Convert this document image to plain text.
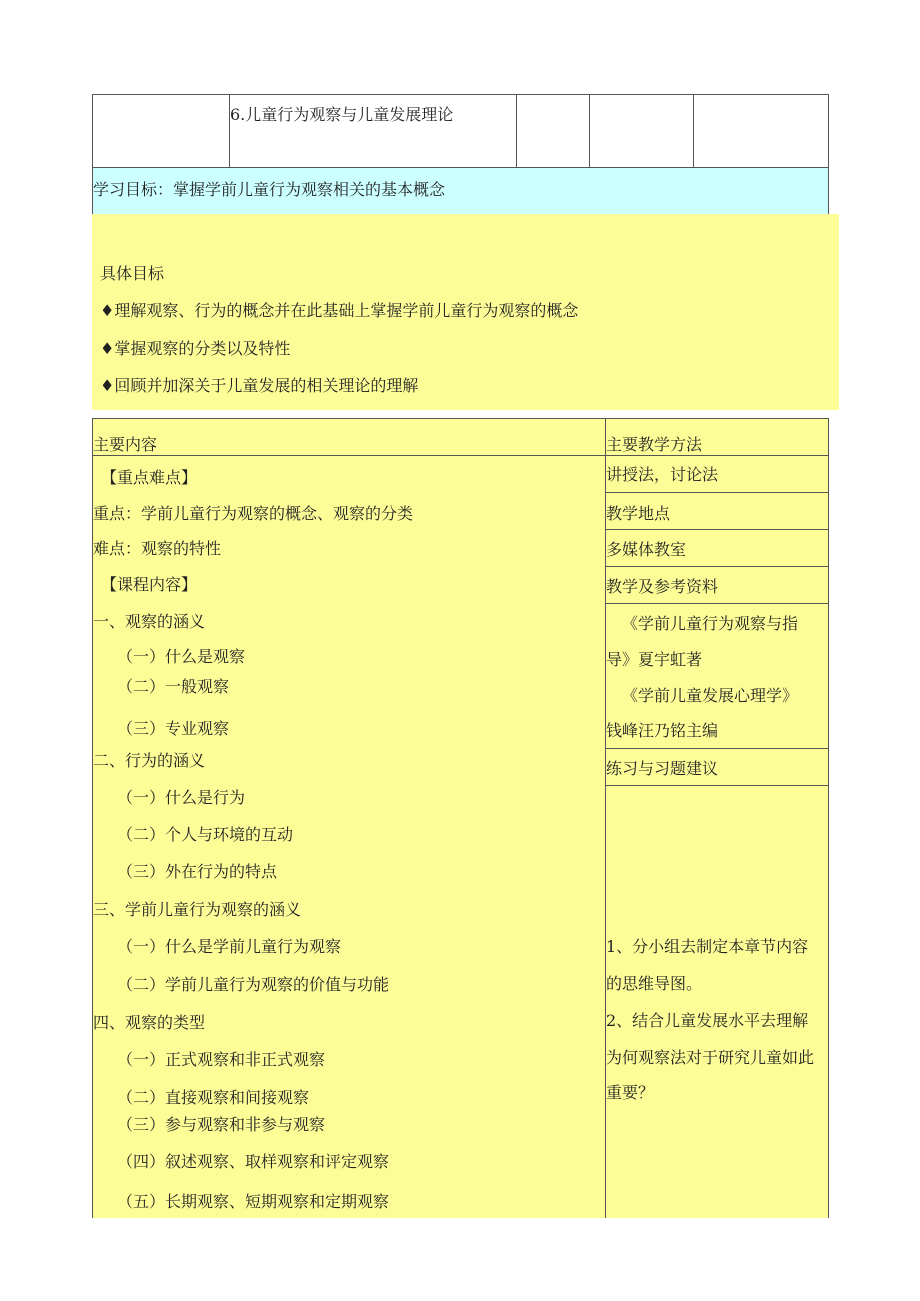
6.儿童行为观察与儿童发展理论
学习目标：掌握学前儿童行为观察相关的基本概念
具体目标
♦理解观察、行为的概念并在此基础上掌握学前儿童行为观察的概念
♦掌握观察的分类以及特性
♦回顾并加深关于儿童发展的相关理论的理解
主要内容
【重点难点】
重点：学前儿童行为观察的概念、观察的分类
难点：观察的特性
【课程内容】
一、观察的涵义
（一）什么是观察
（二）一般观察
（三）专业观察
二、行为的涵义
（一）什么是行为
（二）个人与环境的互动
（三）外在行为的特点
三、学前儿童行为观察的涵义
（一）什么是学前儿童行为观察
（二）学前儿童行为观察的价值与功能
四、观察的类型
（一）正式观察和非正式观察
（二）直接观察和间接观察
（三）参与观察和非参与观察
（四）叙述观察、取样观察和评定观察
（五）长期观察、短期观察和定期观察
主要教学方法
讲授法，讨论法
教学地点
多媒体教室
教学及参考资料
《学前儿童行为观察与指
导》夏宇虹著
《学前儿童发展心理学》
钱峰汪乃铭主编
练习与习题建议
1、分小组去制定本章节内容
的思维导图。
2、结合儿童发展水平去理解
为何观察法对于研究儿童如此
重要？
